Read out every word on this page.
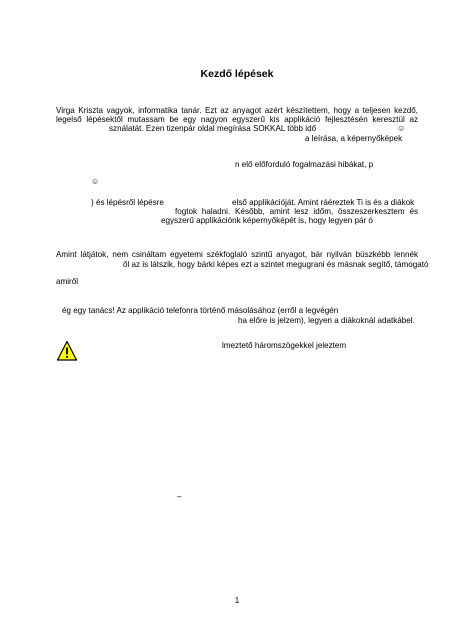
Kezdő lépések
Virga Kriszta vagyok, informatika tanár. Ezt az anyagot azért készítettem, hogy a teljesen kezdő,
legelső lépésektől mutassam be egy nagyon egyszerű kis applikáció fejlesztésén keresztül az
sználatát. Ezen tizenpár oldal megírása SOKKAL több idő	☺
a leírása, a képernyőképek
n elő előforduló fogalmazási hibákat, p
☺
) és lépésről lépésre	első applikációját. Amint ráéreztek Ti is és a diákok
fogtok haladni. Később, amint lesz időm, összeszerkesztem és
egyszerű applikációnk képernyőképét is, hogy legyen pár ó
Amint látjátok, nem csináltam egyetemi székfoglaló szintű anyagot, bár nyilván büszkébb lennék
ől az is látszik, hogy bárki képes ezt a szintet megugrani és másnak segítő, támogató
amiről
ég egy tanács! Az applikáció telefonra történő másolásához (erről a legvégén
ha előre is jelzem), legyen a diákoknál adatkábel.
lmeztető háromszögekkel jeleztem
–
1
